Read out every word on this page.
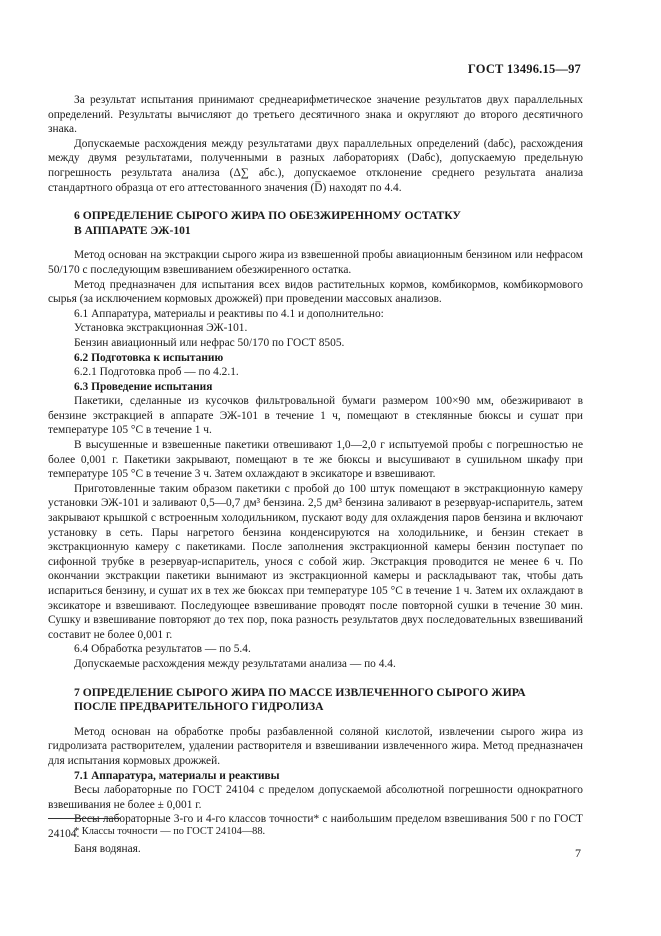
ГОСТ 13496.15—97

За результат испытания принимают среднеарифметическое значение результатов двух параллельных определений. Результаты вычисляют до третьего десятичного знака и округляют до второго десятичного знака.

Допускаемые расхождения между результатами двух параллельных определений (dабс), расхождения между двумя результатами, полученными в разных лабораториях (Dабс), допускаемую предельную погрешность результата анализа (Δ∑ абс.), допускаемое отклонение среднего результата анализа стандартного образца от его аттестованного значения (D̅) находят по 4.4.

6 ОПРЕДЕЛЕНИЕ СЫРОГО ЖИРА ПО ОБЕЗЖИРЕННОМУ ОСТАТКУ
В АППАРАТЕ ЭЖ-101

Метод основан на экстракции сырого жира из взвешенной пробы авиационным бензином или нефрасом 50/170 с последующим взвешиванием обезжиренного остатка.

Метод предназначен для испытания всех видов растительных кормов, комбикормов, комбикормового сырья (за исключением кормовых дрожжей) при проведении массовых анализов.

6.1 Аппаратура, материалы и реактивы по 4.1 и дополнительно:

Установка экстракционная ЭЖ-101.

Бензин авиационный или нефрас 50/170 по ГОСТ 8505.

6.2 Подготовка к испытанию

6.2.1 Подготовка проб — по 4.2.1.

6.3 Проведение испытания

Пакетики, сделанные из кусочков фильтровальной бумаги размером 100×90 мм, обезжиривают в бензине экстракцией в аппарате ЭЖ-101 в течение 1 ч, помещают в стеклянные бюксы и сушат при температуре 105 °С в течение 1 ч.

В высушенные и взвешенные пакетики отвешивают 1,0—2,0 г испытуемой пробы с погрешностью не более 0,001 г. Пакетики закрывают, помещают в те же бюксы и высушивают в сушильном шкафу при температуре 105 °С в течение 3 ч. Затем охлаждают в эксикаторе и взвешивают.

Приготовленные таким образом пакетики с пробой до 100 штук помещают в экстракционную камеру установки ЭЖ-101 и заливают 0,5—0,7 дм³ бензина. 2,5 дм³ бензина заливают в резервуар-испаритель, затем закрывают крышкой с встроенным холодильником, пускают воду для охлаждения паров бензина и включают установку в сеть. Пары нагретого бензина конденсируются на холодильнике, и бензин стекает в экстракционную камеру с пакетиками. После заполнения экстракционной камеры бензин поступает по сифонной трубке в резервуар-испаритель, унося с собой жир. Экстракция проводится не менее 6 ч. По окончании экстракции пакетики вынимают из экстракционной камеры и раскладывают так, чтобы дать испариться бензину, и сушат их в тех же бюксах при температуре 105 °С в течение 1 ч. Затем их охлаждают в эксикаторе и взвешивают. Последующее взвешивание проводят после повторной сушки в течение 30 мин. Сушку и взвешивание повторяют до тех пор, пока разность результатов двух последовательных взвешиваний составит не более 0,001 г.

6.4 Обработка результатов — по 5.4.

Допускаемые расхождения между результатами анализа — по 4.4.

7 ОПРЕДЕЛЕНИЕ СЫРОГО ЖИРА ПО МАССЕ ИЗВЛЕЧЕННОГО СЫРОГО ЖИРА
ПОСЛЕ ПРЕДВАРИТЕЛЬНОГО ГИДРОЛИЗА

Метод основан на обработке пробы разбавленной соляной кислотой, извлечении сырого жира из гидролизата растворителем, удалении растворителя и взвешивании извлеченного жира. Метод предназначен для испытания кормовых дрожжей.

7.1 Аппаратура, материалы и реактивы

Весы лабораторные по ГОСТ 24104 с пределом допускаемой абсолютной погрешности однократного взвешивания не более ± 0,001 г.

Весы лабораторные 3-го и 4-го классов точности* с наибольшим пределом взвешивания 500 г по ГОСТ 24104.

Баня водяная.

* Классы точности — по ГОСТ 24104—88.
7
